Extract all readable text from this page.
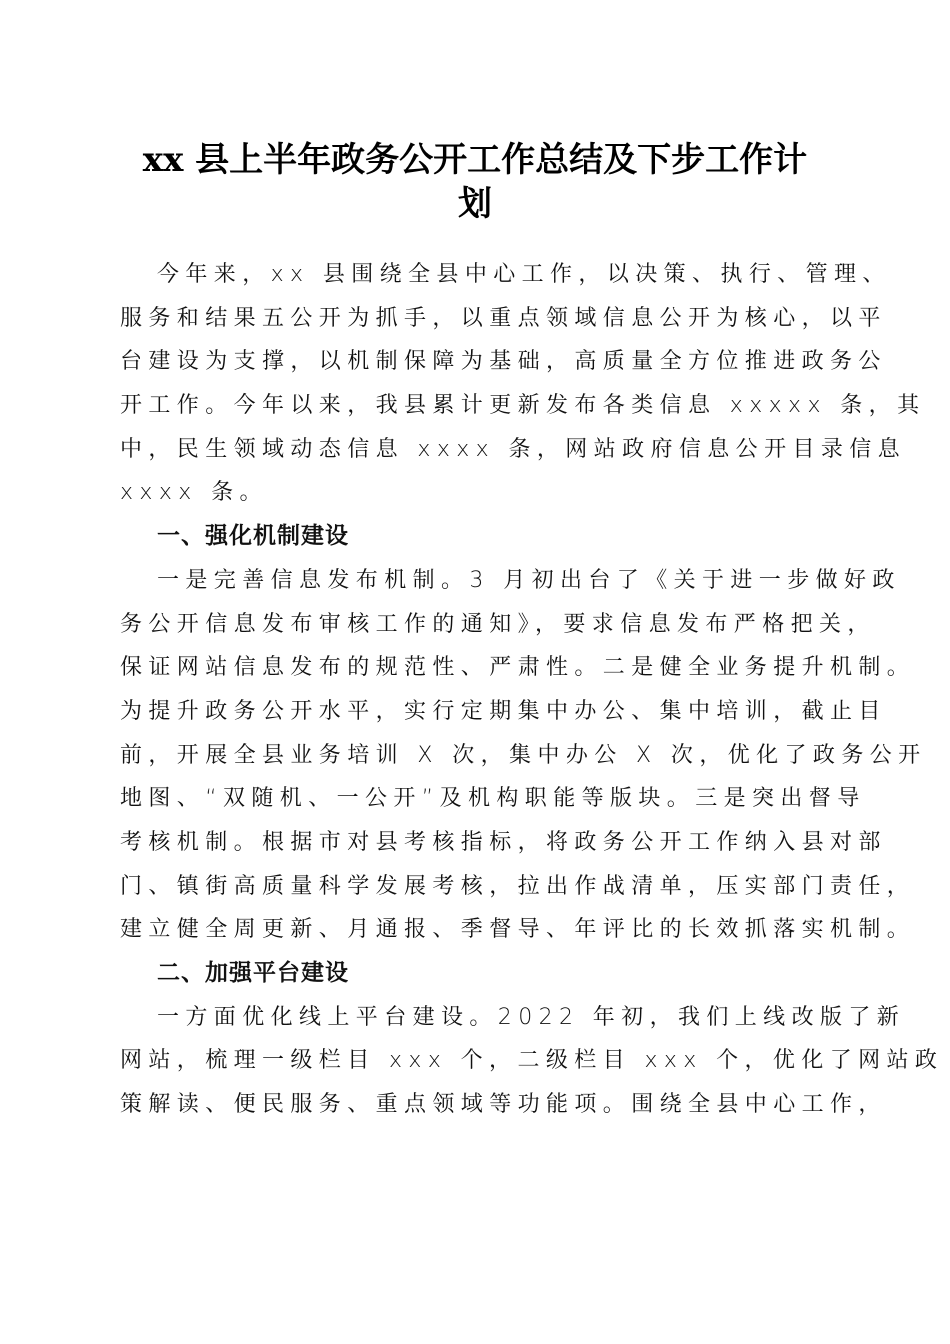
xx 县上半年政务公开工作总结及下步工作计
划
今年来，xx 县围绕全县中心工作，以决策、执行、管理、
服务和结果五公开为抓手，以重点领域信息公开为核心，以平
台建设为支撑，以机制保障为基础，高质量全方位推进政务公
开工作。今年以来，我县累计更新发布各类信息 xxxxx 条，其
中，民生领域动态信息 xxxx 条，网站政府信息公开目录信息
xxxx 条。
一、强化机制建设
一是完善信息发布机制。3 月初出台了《关于进一步做好政
务公开信息发布审核工作的通知》，要求信息发布严格把关，
保证网站信息发布的规范性、严肃性。二是健全业务提升机制。
为提升政务公开水平，实行定期集中办公、集中培训，截止目
前，开展全县业务培训 X 次，集中办公 X 次，优化了政务公开
地图、“双随机、一公开”及机构职能等版块。三是突出督导
考核机制。根据市对县考核指标，将政务公开工作纳入县对部
门、镇街高质量科学发展考核，拉出作战清单，压实部门责任，
建立健全周更新、月通报、季督导、年评比的长效抓落实机制。
二、加强平台建设
一方面优化线上平台建设。2022 年初，我们上线改版了新
网站，梳理一级栏目 xxx 个，二级栏目 xxx 个，优化了网站政
策解读、便民服务、重点领域等功能项。围绕全县中心工作，
